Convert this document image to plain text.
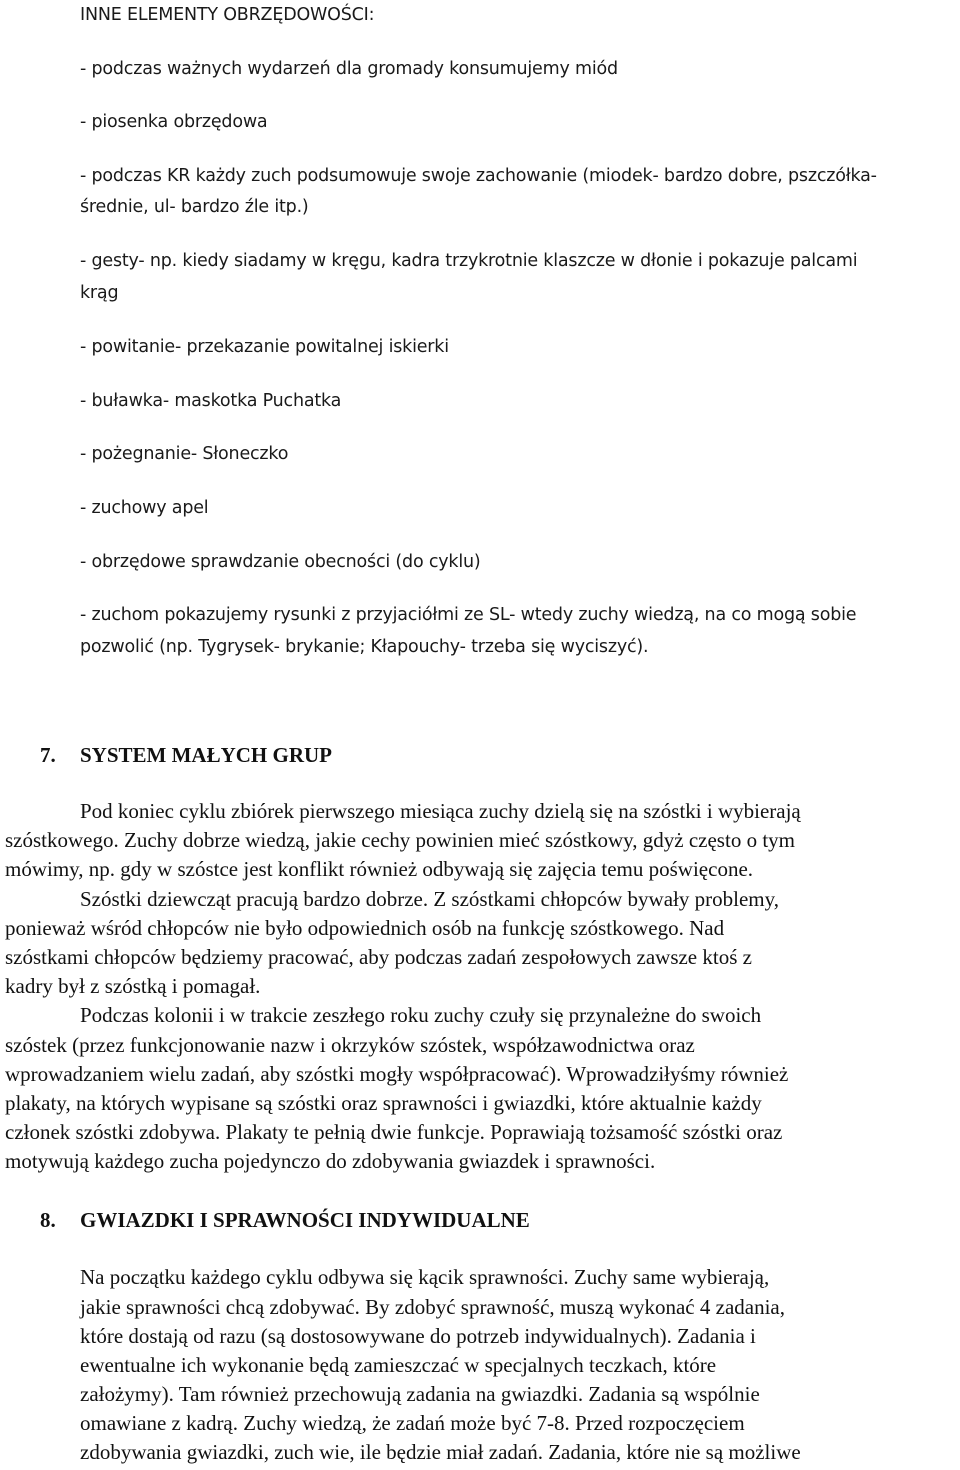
INNE ELEMENTY OBRZĘDOWOŚCI:
- podczas ważnych wydarzeń dla gromady konsumujemy miód
- piosenka obrzędowa
- podczas KR każdy zuch podsumowuje swoje zachowanie (miodek- bardzo dobre, pszczółka-
średnie, ul- bardzo źle itp.)
- gesty- np. kiedy siadamy w kręgu, kadra trzykrotnie klaszcze w dłonie i pokazuje palcami
krąg
- powitanie- przekazanie powitalnej iskierki
- buławka- maskotka Puchatka
- pożegnanie- Słoneczko
- zuchowy apel
- obrzędowe sprawdzanie obecności (do cyklu)
- zuchom pokazujemy rysunki z przyjaciółmi ze SL- wtedy zuchy wiedzą, na co mogą sobie
pozwolić (np. Tygrysek- brykanie; Kłapouchy- trzeba się wyciszyć).
7. SYSTEM MAŁYCH GRUP
Pod koniec cyklu zbiórek pierwszego miesiąca zuchy dzielą się na szóstki i wybierają
szóstkowego. Zuchy dobrze wiedzą, jakie cechy powinien mieć szóstkowy, gdyż często o tym
mówimy, np. gdy w szóstce jest konflikt również odbywają się zajęcia temu poświęcone.
Szóstki dziewcząt pracują bardzo dobrze. Z szóstkami chłopców bywały problemy,
ponieważ wśród chłopców nie było odpowiednich osób na funkcję szóstkowego. Nad
szóstkami chłopców będziemy pracować, aby podczas zadań zespołowych zawsze ktoś z
kadry był z szóstką i pomagał.
Podczas kolonii i w trakcie zeszłego roku zuchy czuły się przynależne do swoich
szóstek (przez funkcjonowanie nazw i okrzyków szóstek, współzawodnictwa oraz
wprowadzaniem wielu zadań, aby szóstki mogły współpracować). Wprowadziłyśmy również
plakaty, na których wypisane są szóstki oraz sprawności i gwiazdki, które aktualnie każdy
członek szóstki zdobywa. Plakaty te pełnią dwie funkcje. Poprawiają tożsamość szóstki oraz
motywują każdego zucha pojedynczo do zdobywania gwiazdek i sprawności.
8. GWIAZDKI I SPRAWNOŚCI INDYWIDUALNE
Na początku każdego cyklu odbywa się kącik sprawności. Zuchy same wybierają,
jakie sprawności chcą zdobywać. By zdobyć sprawność, muszą wykonać 4 zadania,
które dostają od razu (są dostosowywane do potrzeb indywidualnych). Zadania i
ewentualne ich wykonanie będą zamieszczać w specjalnych teczkach, które
założymy). Tam również przechowują zadania na gwiazdki. Zadania są wspólnie
omawiane z kadrą. Zuchy wiedzą, że zadań może być 7-8. Przed rozpoczęciem
zdobywania gwiazdki, zuch wie, ile będzie miał zadań. Zadania, które nie są możliwe
